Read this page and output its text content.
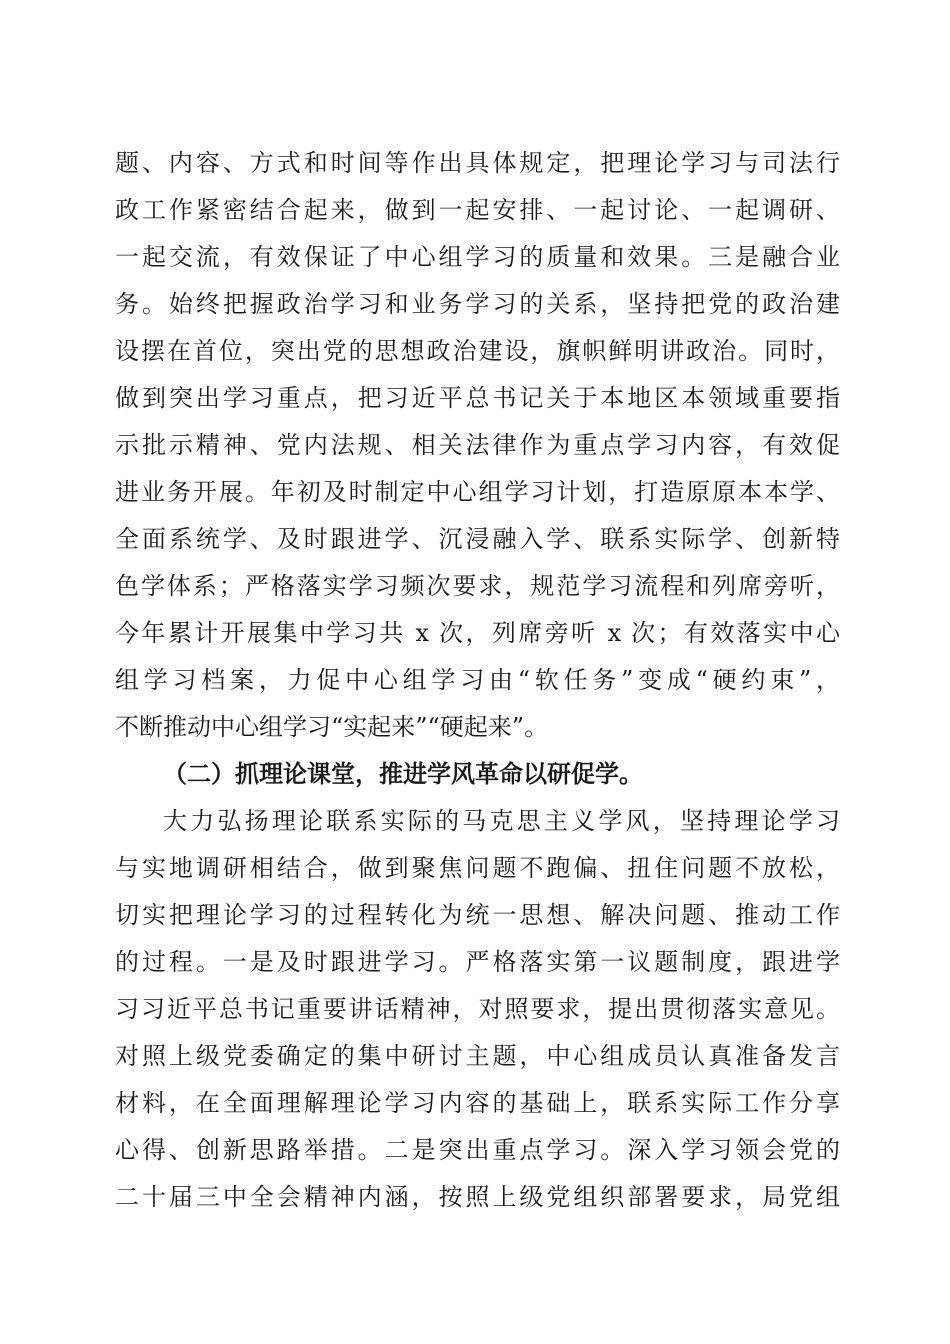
题、内容、方式和时间等作出具体规定，把理论学习与司法行
政工作紧密结合起来，做到一起安排、一起讨论、一起调研、
一起交流，有效保证了中心组学习的质量和效果。三是融合业
务。始终把握政治学习和业务学习的关系，坚持把党的政治建
设摆在首位，突出党的思想政治建设，旗帜鲜明讲政治。同时，
做到突出学习重点，把习近平总书记关于本地区本领域重要指
示批示精神、党内法规、相关法律作为重点学习内容，有效促
进业务开展。年初及时制定中心组学习计划，打造原原本本学、
全面系统学、及时跟进学、沉浸融入学、联系实际学、创新特
色学体系；严格落实学习频次要求，规范学习流程和列席旁听，
今年累计开展集中学习共 x 次，列席旁听 x 次；有效落实中心
组学习档案，力促中心组学习由“软任务”变成“硬约束”，
不断推动中心组学习“实起来”“硬起来”。
（二）抓理论课堂，推进学风革命以研促学。
大力弘扬理论联系实际的马克思主义学风，坚持理论学习
与实地调研相结合，做到聚焦问题不跑偏、扭住问题不放松，
切实把理论学习的过程转化为统一思想、解决问题、推动工作
的过程。一是及时跟进学习。严格落实第一议题制度，跟进学
习习近平总书记重要讲话精神，对照要求，提出贯彻落实意见。
对照上级党委确定的集中研讨主题，中心组成员认真准备发言
材料，在全面理解理论学习内容的基础上，联系实际工作分享
心得、创新思路举措。二是突出重点学习。深入学习领会党的
二十届三中全会精神内涵，按照上级党组织部署要求，局党组
